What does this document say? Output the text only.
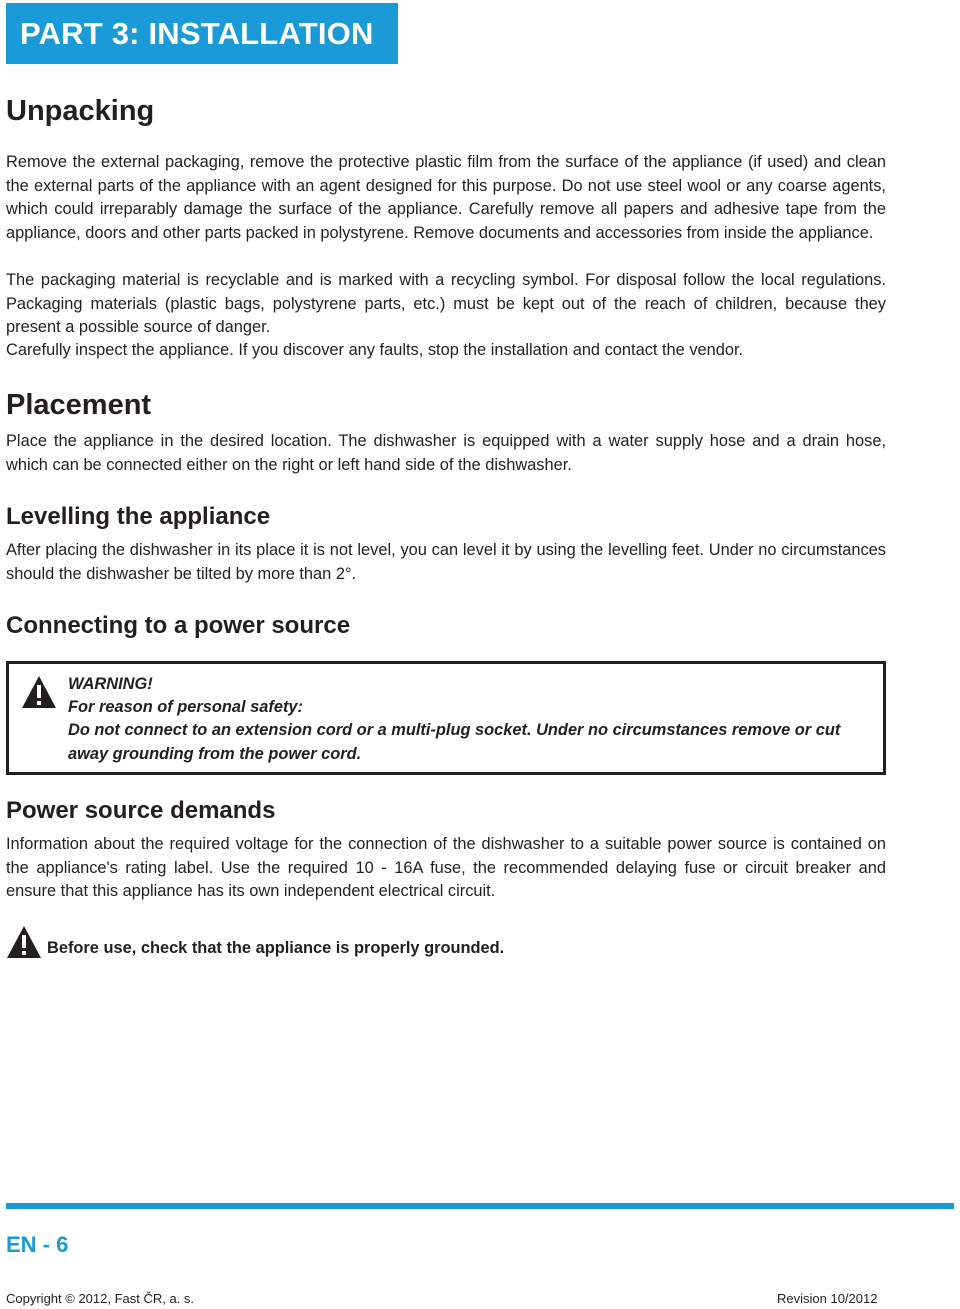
PART 3: INSTALLATION
Unpacking

Remove the external packaging, remove the protective plastic film from the surface of the appliance (if used) and clean the external parts of the appliance with an agent designed for this purpose. Do not use steel wool or any coarse agents, which could irreparably damage the surface of the appliance. Carefully remove all papers and adhesive tape from the appliance, doors and other parts packed in polystyrene. Remove documents and accessories from inside the appliance.

The packaging material is recyclable and is marked with a recycling symbol. For disposal follow the local regulations. Packaging materials (plastic bags, polystyrene parts, etc.) must be kept out of the reach of children, because they present a possible source of danger.

Carefully inspect the appliance. If you discover any faults, stop the installation and contact the vendor.

Placement

Place the appliance in the desired location. The dishwasher is equipped with a water supply hose and a drain hose, which can be connected either on the right or left hand side of the dishwasher.

Levelling the appliance

After placing the dishwasher in its place it is not level, you can level it by using the levelling feet. Under no circumstances should the dishwasher be tilted by more than 2°.

Connecting to a power source

WARNING!

For reason of personal safety:

Do not connect to an extension cord or a multi-plug socket. Under no circumstances remove or cut away grounding from the power cord.

Power source demands

Information about the required voltage for the connection of the dishwasher to a suitable power source is contained on the appliance's rating label. Use the required 10 - 16A fuse, the recommended delaying fuse or circuit breaker and ensure that this appliance has its own independent electrical circuit.

Before use, check that the appliance is properly grounded.
EN - 6
Copyright © 2012, Fast ČR, a. s.	Revision 10/2012
